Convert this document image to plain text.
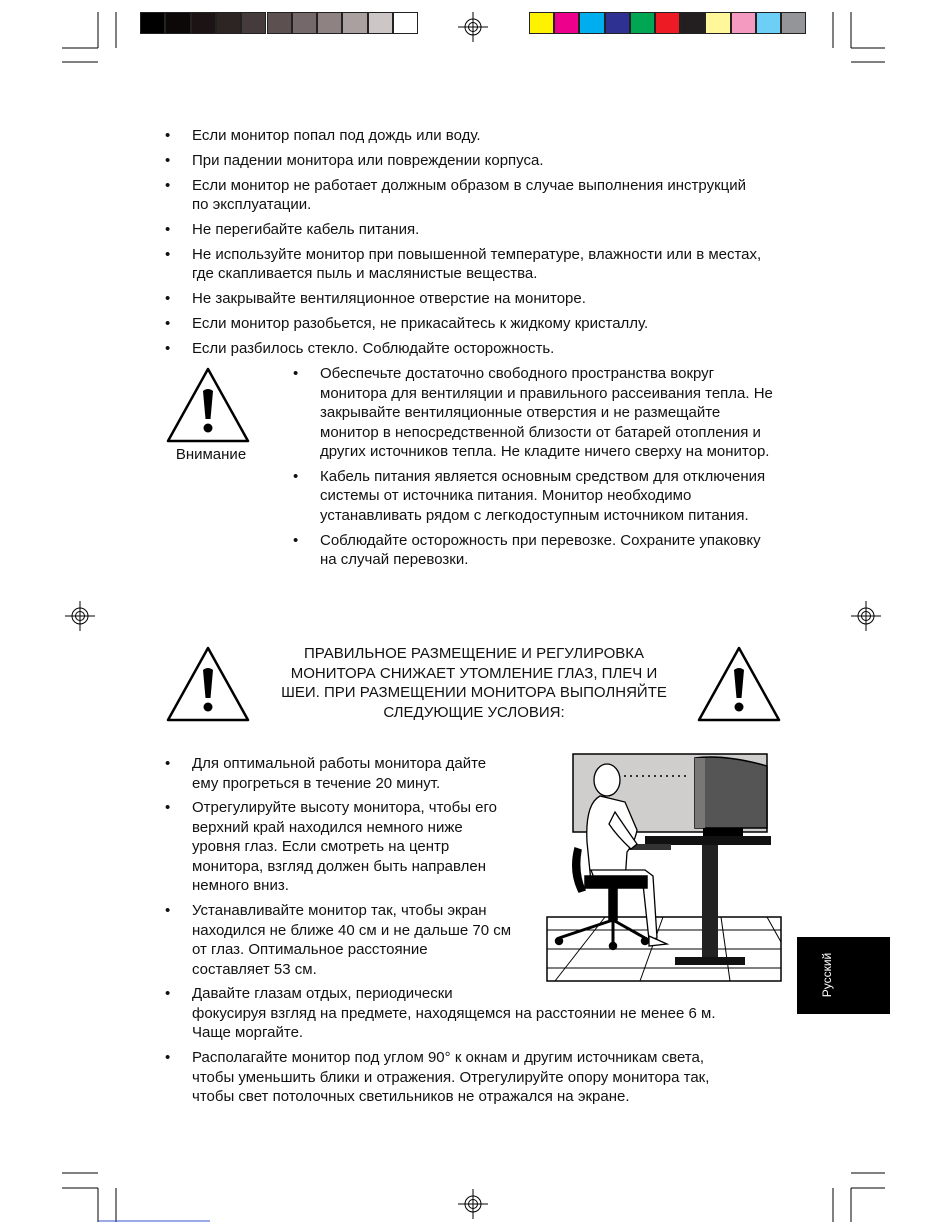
• Если монитор попал под дождь или воду.
• При падении монитора или повреждении корпуса.
• Если монитор не работает должным образом в случае выполнения инструкций по эксплуатации.
• Не перегибайте кабель питания.
• Не используйте монитор при повышенной температуре, влажности или в местах, где скапливается пыль и маслянистые вещества.
• Не закрывайте вентиляционное отверстие на мониторе.
• Если монитор разобьется, не прикасайтесь к жидкому кристаллу.
• Если разбилось стекло. Соблюдайте осторожность.
Внимание
• Обеспечьте достаточно свободного пространства вокруг монитора для вентиляции и правильного рассеивания тепла. Не закрывайте вентиляционные отверстия и не размещайте монитор в непосредственной близости от батарей отопления и других источников тепла. Не кладите ничего сверху на монитор.
• Кабель питания является основным средством для отключения системы от источника питания. Монитор необходимо устанавливать рядом с легкодоступным источником питания.
• Соблюдайте осторожность при перевозке. Сохраните упаковку на случай перевозки.
ПРАВИЛЬНОЕ РАЗМЕЩЕНИЕ И РЕГУЛИРОВКА
МОНИТОРА СНИЖАЕТ УТОМЛЕНИЕ ГЛАЗ, ПЛЕЧ И
ШЕИ. ПРИ РАЗМЕЩЕНИИ МОНИТОРА ВЫПОЛНЯЙТЕ
СЛЕДУЮЩИЕ УСЛОВИЯ:
• Для оптимальной работы монитора дайте
ему прогреться в течение 20 минут.
• Отрегулируйте высоту монитора, чтобы его
верхний край находился немного ниже
уровня глаз. Если смотреть на центр
монитора, взгляд должен быть направлен
немного вниз.
• Устанавливайте монитор так, чтобы экран
находился не ближе 40 см и не дальше 70 см
от глаз. Оптимальное расстояние
составляет 53 см.
• Давайте глазам отдых, периодически
фокусируя взгляд на предмете, находящемся на расстоянии не менее 6 м.
Чаще моргайте.
• Располагайте монитор под углом 90° к окнам и другим источникам света,
чтобы уменьшить блики и отражения. Отрегулируйте опору монитора так,
чтобы свет потолочных светильников не отражался на экране.
Русский
